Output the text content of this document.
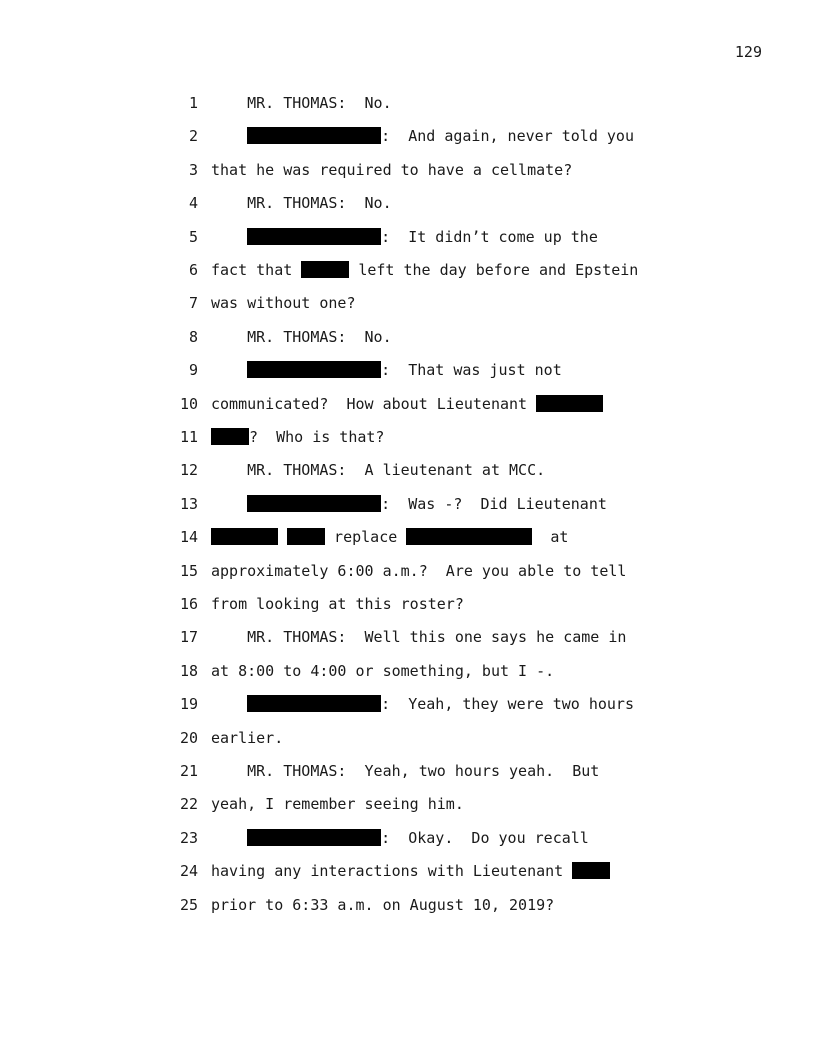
129
1 MR. THOMAS:  No.
2	:  And again, never told you
3 that he was required to have a cellmate?
4 MR. THOMAS:  No.
5	:  It didn’t come up the
6 fact that	left the day before and Epstein
7 was without one?
8 MR. THOMAS:  No.
9	:  That was just not
10 communicated?  How about Lieutenant
11	?  Who is that?
12 MR. THOMAS:  A lieutenant at MCC.
13	:  Was -?  Did Lieutenant
14	replace	at
15 approximately 6:00 a.m.?  Are you able to tell
16 from looking at this roster?
17 MR. THOMAS:  Well this one says he came in
18 at 8:00 to 4:00 or something, but I -.
19	:  Yeah, they were two hours
20 earlier.
21 MR. THOMAS:  Yeah, two hours yeah.  But
22 yeah, I remember seeing him.
23	:  Okay.  Do you recall
24 having any interactions with Lieutenant
25 prior to 6:33 a.m. on August 10, 2019?
